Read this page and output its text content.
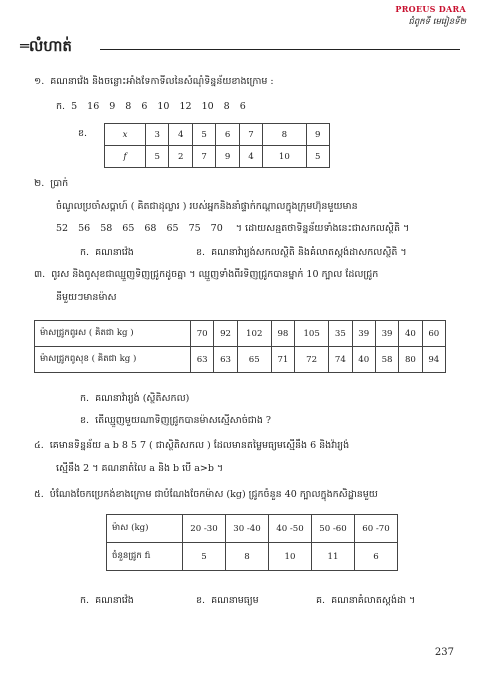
PROEUS DARA
ជំពូកទី មេរៀនទី២
═លំហាត់
១. គណនាវ៉េង និងចន្លោះអាំងទែកាទីលនៃសំណុំទិន្នន័យខាងក្រោម :
ក. 5 16 9 8 6 10 12 10 8 6
ខ.	x	3	4	5	6	7	8	9
f	5	2	7	9	4	10	5
២. ប្រាក់
ចំណូលប្រចាំសប្ដាហ៍ ( គិតជាដុល្លារ ) របស់អ្នកនិងនាំផ្ទាក់កណ្ដាលក្នុងក្រុមហ៊ុនមួយមាន
52 56 58 65 68 65 75 70 ។ ដោយសន្មតថាទិន្នន័យទាំងនេះជាសកលស្ថិតិ ។
ក. គណនាវ៉េង	ខ. គណនាវ៉ារ្យង់សកលស្ថិតិ និងគំលាតស្តង់ដាសកលស្ថិតិ ។
៣. ពូរស និងពូសុខជាឈ្មួញទិញជ្រូកដូចគ្នា ។ ឈ្មួញទាំងពីរទិញជ្រូកបានម្នាក់ 10 ក្បាល ដែលជ្រូក
នីមួយៗមានម៉ាស
ម៉ាសជ្រូកពូរស ( គិតជា kg )	70	92	102	98	105	35	39	39	40	60
ម៉ាសជ្រូកពូសុខ ( គិតជា kg )	63	63	65	71	72	74	40	58	80	94
ក. គណនាវ៉ារ្យង់ (ស្ថិតិសកល)
ខ. តើឈ្មួញមួយណាទិញជ្រូកបានម៉ាសស្មើសាច់ជាង ?
៤. គេមានទិន្នន័យ a b 8 5 7 ( ជាស្ថិតិសកល ) ដែលមានតម្លៃមធ្យមស្មើនឹង 6 និងវ៉ារ្យង់
ស្មើនឹង 2 ។ គណនាតំលៃ a និង b បើ a>b ។
៥. បំណែងចែកប្រេកង់ខាងក្រោម ជាបំណែងចែកម៉ាស (kg) ជ្រូកចំនួន 40 ក្បាលក្នុងកសិដ្ឋានមួយ
ម៉ាស (kg)	20 -30	30 -40	40 -50	50 -60	60 -70
ចំនួនជ្រូក fi	5	8	10	11	6
ក. គណនាវ៉េង	ខ. គណនាមធ្យម	គ. គណនាគំលាតស្តង់ដា ។
237
